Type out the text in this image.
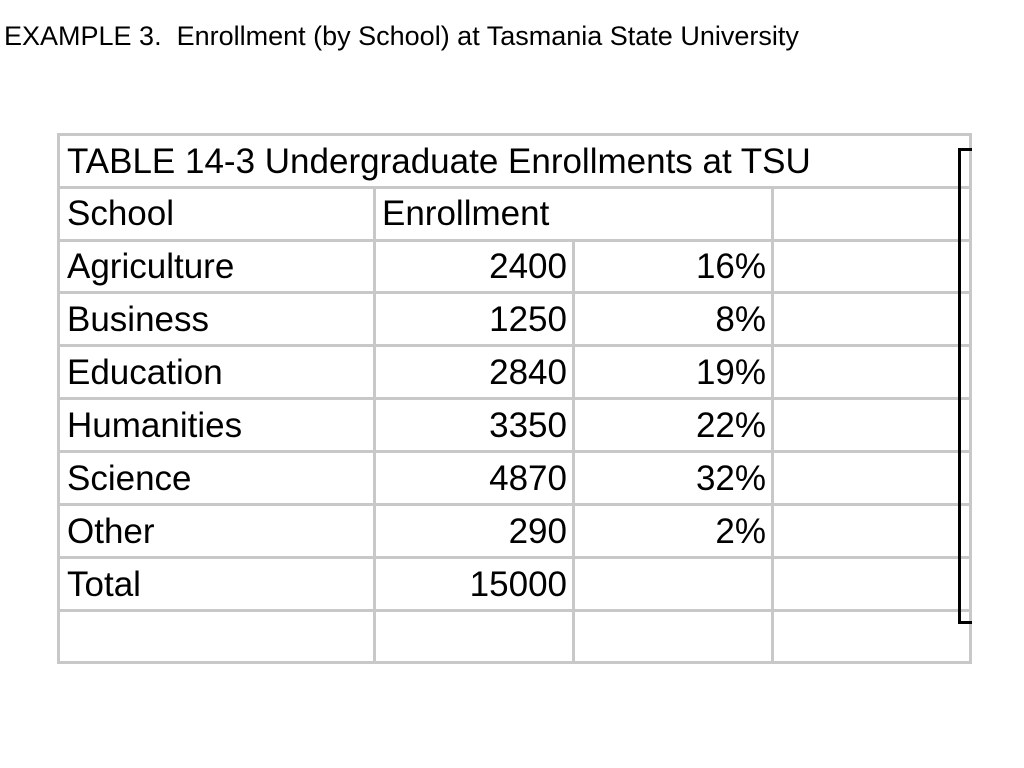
EXAMPLE 3.  Enrollment (by School) at Tasmania State University
TABLE 14-3 Undergraduate Enrollments at TSU
School	Enrollment
Agriculture	2400	16%
Business	1250	8%
Education	2840	19%
Humanities	3350	22%
Science	4870	32%
Other	290	2%
Total	15000
